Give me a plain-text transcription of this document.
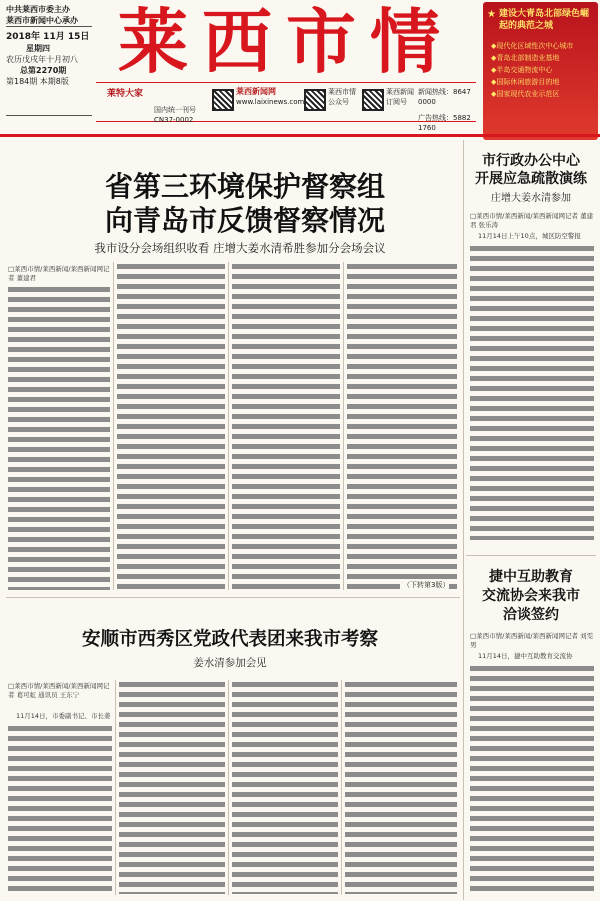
中共莱西市委主办
莱西市新闻中心承办
2018年 11月 15日
星期四
农历戊戌年十月初八
总第2270期
第184期 本期8版 莱西市情
莱特大家
国内统一刊号 CN37-0002
莱西新闻网
www.laixinews.com
莱西市情 公众号
莱西新闻 订阅号
新闻热线：8647 0000
广告热线：5882 1760
★ 建设大青岛北部绿色崛起的典范之城
◆ 现代化区域性次中心城市
◆ 青岛北部制造业基地
◆ 半岛交通物流中心
◆ 国际休闲旅游目的地
◆ 国家现代农业示范区
省第三环境保护督察组
向青岛市反馈督察情况
我市设分会场组织收看 庄增大姜水清希胜参加分会场会议
□莱西市情/莱西新闻/莱西新闻网记者 董建君
（下转第3版）
市行政办公中心
开展应急疏散演练
庄增大姜水清参加
□莱西市情/莱西新闻/莱西新闻网记者 董建君 张乐涛
11月14日上午10点，城区防空警报
捷中互助教育
交流协会来我市
洽谈签约
□莱西市情/莱西新闻/莱西新闻网记者 刘雯男
11月14日，捷中互助教育交流协
安顺市西秀区党政代表团来我市考察
姜水清参加会见
□莱西市情/莱西新闻/莱西新闻网记者 葛可虹 通讯员 王东宁
11月14日，市委副书记、市长姜
